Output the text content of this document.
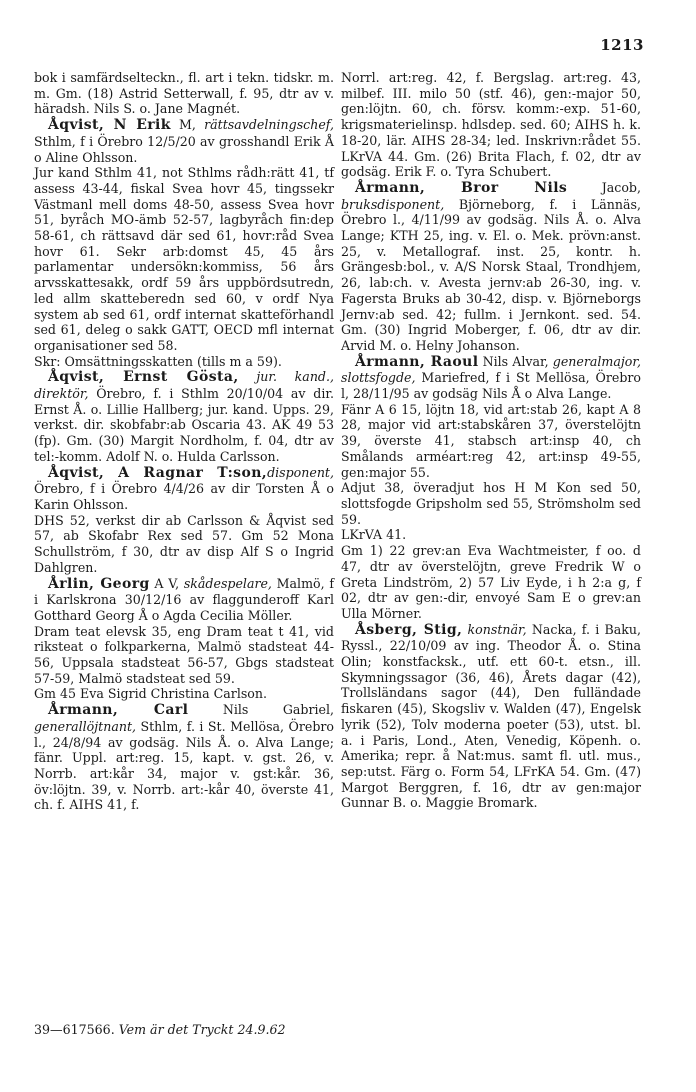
1213

bok i samfärdselteckn., fl. art i tekn. tidskr. m. m. Gm. (18) Astrid Setterwall, f. 95, dtr av v. häradsh. Nils S. o. Jane Magnét.

Åqvist, N Erik M, rättsavdelningschef, Sthlm, f i Örebro 12/5/20 av grosshandl Erik Å o Aline Ohlsson.

Jur kand Sthlm 41, not Sthlms rådh:rätt 41, tf assess 43-44, fiskal Svea hovr 45, tingssekr Västmanl mell doms 48-50, assess Svea hovr 51, byråch MO-ämb 52-57, lagbyråch fin:dep 58-61, ch rättsavd där sed 61, hovr:råd Svea hovr 61. Sekr arb:domst 45, 45 års parlamentar undersökn:kommiss, 56 års arvsskattesakk, ordf 59 års uppbördsutredn, led allm skatteberedn sed 60, v ordf Nya system ab sed 61, ordf internat skatteförhandl sed 61, deleg o sakk GATT, OECD mfl internat organisationer sed 58.

Skr: Omsättningsskatten (tills m a 59).

Åqvist, Ernst Gösta, jur. kand., direktör, Örebro, f. i Sthlm 20/10/04 av dir. Ernst Å. o. Lillie Hallberg; jur. kand. Upps. 29, verkst. dir. skobfabr:ab Oscaria 43. AK 49 53 (fp). Gm. (30) Margit Nordholm, f. 04, dtr av tel:-komm. Adolf N. o. Hulda Carlsson.

Åqvist, A Ragnar T:son,disponent, Örebro, f i Örebro 4/4/26 av dir Torsten Å o Karin Ohlsson.

DHS 52, verkst dir ab Carlsson & Åqvist sed 57, ab Skofabr Rex sed 57. Gm 52 Mona Schullström, f 30, dtr av disp Alf S o Ingrid Dahlgren.

Årlin, Georg A V, skådespelare, Malmö, f i Karlskrona 30/12/16 av flaggunderoff Karl Gotthard Georg Å o Agda Cecilia Möller.

Dram teat elevsk 35, eng Dram teat t 41, vid riksteat o folkparkerna, Malmö stadsteat 44-56, Uppsala stadsteat 56-57, Gbgs stadsteat 57-59, Malmö stadsteat sed 59.

Gm 45 Eva Sigrid Christina Carlson.

Årmann, Carl Nils Gabriel, generallöjtnant, Sthlm, f. i St. Mellösa, Örebro l., 24/8/94 av godsäg. Nils Å. o. Alva Lange; fänr. Uppl. art:reg. 15, kapt. v. gst. 26, v. Norrb. art:kår 34, major v. gst:kår. 36, öv:löjtn. 39, v. Norrb. art:-kår 40, överste 41, ch. f. AIHS 41, f.

Norrl. art:reg. 42, f. Bergslag. art:reg. 43, milbef. III. milo 50 (stf. 46), gen:-major 50, gen:löjtn. 60, ch. försv. komm:-exp. 51-60, krigsmaterielinsp. hdlsdep. sed. 60; AIHS h. k. 18-20, lär. AIHS 28-34; led. Inskrivn:rådet 55. LKrVA 44. Gm. (26) Brita Flach, f. 02, dtr av godsäg. Erik F. o. Tyra Schubert.

Årmann, Bror Nils Jacob, bruksdisponent, Björneborg, f. i Lännäs, Örebro l., 4/11/99 av godsäg. Nils Å. o. Alva Lange; KTH 25, ing. v. El. o. Mek. prövn:anst. 25, v. Metallograf. inst. 25, kontr. h. Grängesb:bol., v. A/S Norsk Staal, Trondhjem, 26, lab:ch. v. Avesta jernv:ab 26-30, ing. v. Fagersta Bruks ab 30-42, disp. v. Björneborgs Jernv:ab sed. 42; fullm. i Jernkont. sed. 54. Gm. (30) Ingrid Moberger, f. 06, dtr av dir. Arvid M. o. Helny Johanson.

Årmann, Raoul Nils Alvar, generalmajor, slottsfogde, Mariefred, f i St Mellösa, Örebro l, 28/11/95 av godsäg Nils Å o Alva Lange.

Fänr A 6 15, löjtn 18, vid art:stab 26, kapt A 8 28, major vid art:stabskåren 37, överstelöjtn 39, överste 41, stabsch art:insp 40, ch Smålands arméart:reg 42, art:insp 49-55, gen:major 55.

Adjut 38, överadjut hos H M Kon sed 50, slottsfogde Gripsholm sed 55, Strömsholm sed 59.

LKrVA 41.

Gm 1) 22 grev:an Eva Wachtmeister, f oo. d 47, dtr av överstelöjtn, greve Fredrik W o Greta Lindström, 2) 57 Liv Eyde, i h 2:a g, f 02, dtr av gen:-dir, envoyé Sam E o grev:an Ulla Mörner.

Åsberg, Stig, konstnär, Nacka, f. i Baku, Ryssl., 22/10/09 av ing. Theodor Å. o. Stina Olin; konstfacksk., utf. ett 60-t. etsn., ill. Skymningssagor (36, 46), Årets dagar (42), Trollsländans sagor (44), Den fulländade fiskaren (45), Skogsliv v. Walden (47), Engelsk lyrik (52), Tolv moderna poeter (53), utst. bl. a. i Paris, Lond., Aten, Venedig, Köpenh. o. Amerika; repr. å Nat:mus. samt fl. utl. mus., sep:utst. Färg o. Form 54, LFrKA 54. Gm. (47) Margot Berggren, f. 16, dtr av gen:major Gunnar B. o. Maggie Bromark.

39—617566. Vem är det Tryckt 24.9.62
